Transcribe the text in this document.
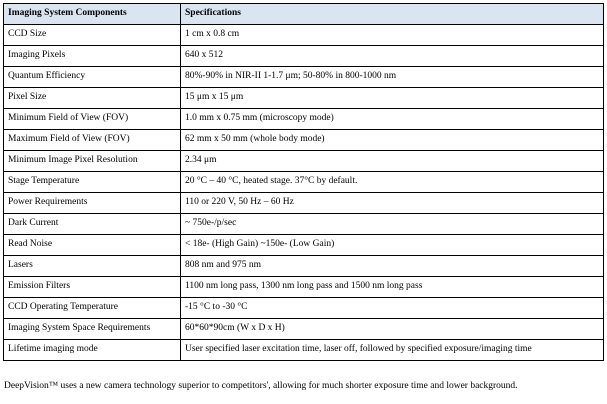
Imaging System Components	Specifications
CCD Size	1 cm x 0.8 cm
Imaging Pixels	640 x 512
Quantum Efficiency	80%-90% in NIR-II 1-1.7 μm; 50-80% in 800-1000 nm
Pixel Size	15 μm x 15 μm
Minimum Field of View (FOV)	1.0 mm x 0.75 mm (microscopy mode)
Maximum Field of View (FOV)	62 mm x 50 mm (whole body mode)
Minimum Image Pixel Resolution	2.34 μm
Stage Temperature	20 °C – 40 °C, heated stage. 37°C by default.
Power Requirements	110 or 220 V, 50 Hz – 60 Hz
Dark Current	~ 750e-/p/sec
Read Noise	< 18e- (High Gain) ~150e- (Low Gain)
Lasers	808 nm and 975 nm
Emission Filters	1100 nm long pass, 1300 nm long pass and 1500 nm long pass
CCD Operating Temperature	-15 °C to -30 °C
Imaging System Space Requirements	60*60*90cm (W x D x H)
Lifetime imaging mode	User specified laser excitation time, laser off, followed by specified exposure/imaging time
DeepVision™ uses a new camera technology superior to competitors', allowing for much shorter exposure time and lower background.
